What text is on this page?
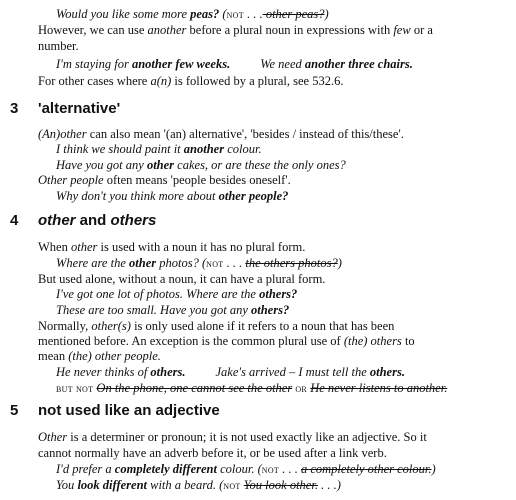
Would you like some more peas? (not . . . other peas?)
However, we can use another before a plural noun in expressions with few or a
number.
I'm staying for another few weeks. We need another three chairs.
For other cases where a(n) is followed by a plural, see 532.6.
(An)other can also mean '(an) alternative', 'besides / instead of this/these'.
I think we should paint it another colour.
Have you got any other cakes, or are these the only ones?
Other people often means 'people besides oneself'.
Why don't you think more about other people?
When other is used with a noun it has no plural form.
Where are the other photos? (not . . . the others photos?)
But used alone, without a noun, it can have a plural form.
I've got one lot of photos. Where are the others?
These are too small. Have you got any others?
Normally, other(s) is only used alone if it refers to a noun that has been
mentioned before. An exception is the common plural use of (the) others to
mean (the) other people.
He never thinks of others. Jake's arrived – I must tell the others.
but not On the phone, one cannot see the other or He never listens to another.
Other is a determiner or pronoun; it is not used exactly like an adjective. So it
cannot normally have an adverb before it, or be used after a link verb.
I'd prefer a completely different colour. (not . . . a completely other colour.)
You look different with a beard. (not You look other. . . .)
3 'alternative'
4 other and others
5 not used like an adjective
